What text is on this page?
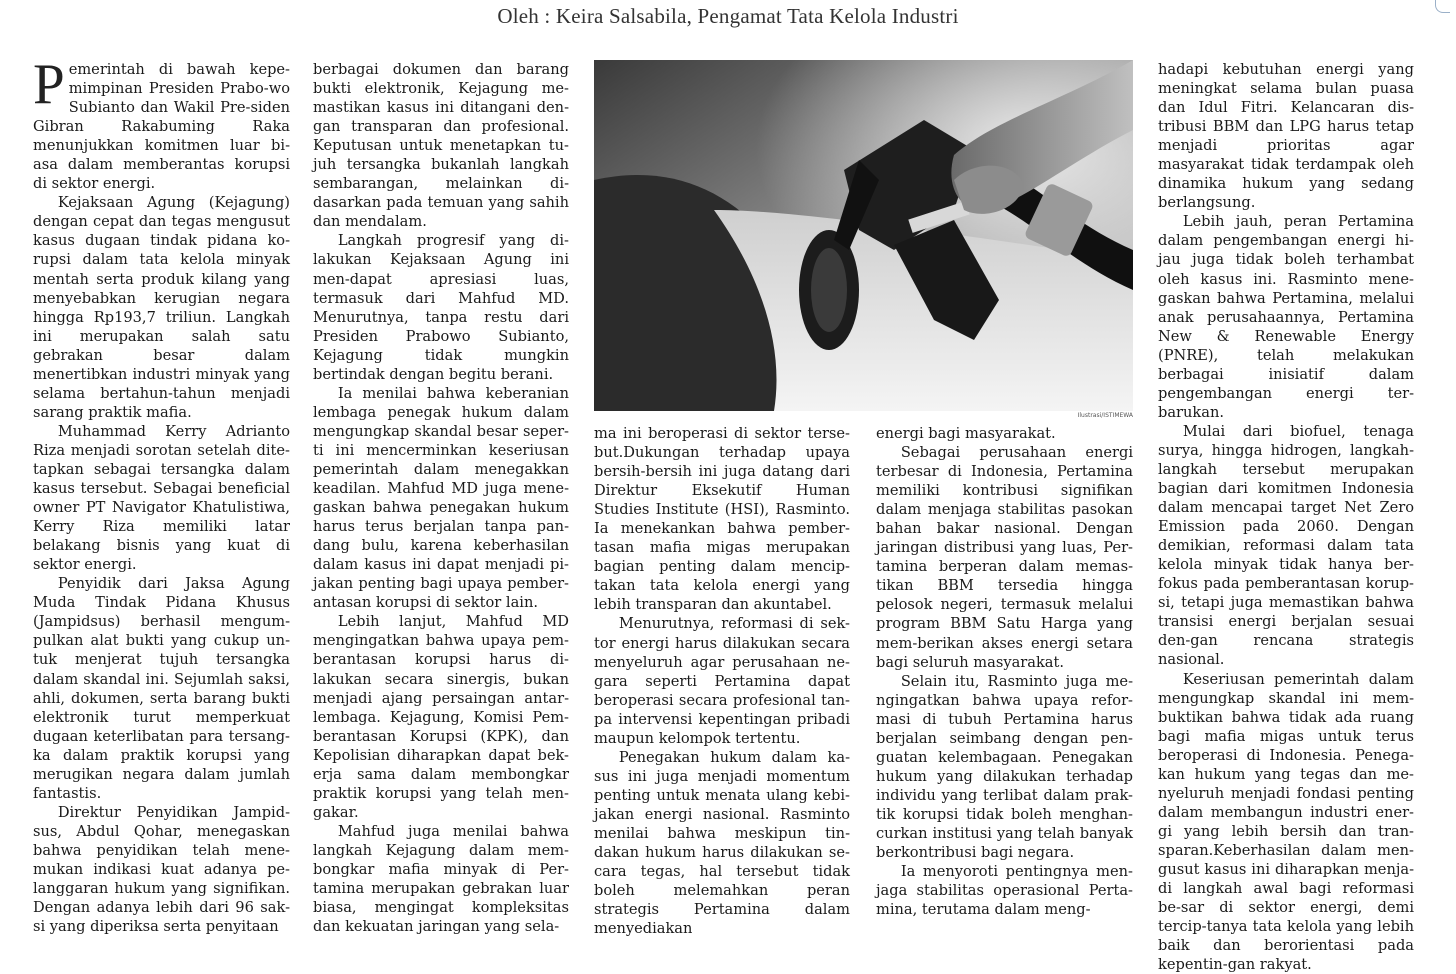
Oleh : Keira Salsabila, Pengamat Tata Kelola Industri

Pemerintah di bawah kepe-mimpinan Presiden Prabo-wo Subianto dan Wakil Pre-siden Gibran Rakabuming Raka menunjukkan komitmen luar bi-asa dalam memberantas korupsi di sektor energi.

Kejaksaan Agung (Kejagung) dengan cepat dan tegas mengusut kasus dugaan tindak pidana ko-rupsi dalam tata kelola minyak mentah serta produk kilang yang menyebabkan kerugian negara hingga Rp193,7 triliun. Langkah ini merupakan salah satu gebrakan besar dalam menertibkan industri minyak yang selama bertahun-tahun menjadi sarang praktik mafia.

Muhammad Kerry Adrianto Riza menjadi sorotan setelah dite-tapkan sebagai tersangka dalam kasus tersebut. Sebagai beneficial owner PT Navigator Khatulistiwa, Kerry Riza memiliki latar belakang bisnis yang kuat di sektor energi.

Penyidik dari Jaksa Agung Muda Tindak Pidana Khusus (Jampidsus) berhasil mengum-pulkan alat bukti yang cukup un-tuk menjerat tujuh tersangka dalam skandal ini. Sejumlah saksi, ahli, dokumen, serta barang bukti elektronik turut memperkuat dugaan keterlibatan para tersang-ka dalam praktik korupsi yang merugikan negara dalam jumlah fantastis.

Direktur Penyidikan Jampid-sus, Abdul Qohar, menegaskan bahwa penyidikan telah mene-mukan indikasi kuat adanya pe-langgaran hukum yang signifikan. Dengan adanya lebih dari 96 sak-si yang diperiksa serta penyitaan

berbagai dokumen dan barang bukti elektronik, Kejagung me-mastikan kasus ini ditangani den-gan transparan dan profesional. Keputusan untuk menetapkan tu-juh tersangka bukanlah langkah sembarangan, melainkan di-dasarkan pada temuan yang sahih dan mendalam.

Langkah progresif yang di-lakukan Kejaksaan Agung ini men-dapat apresiasi luas, termasuk dari Mahfud MD. Menurutnya, tanpa restu dari Presiden Prabowo Subianto, Kejagung tidak mungkin bertindak dengan begitu berani.

Ia menilai bahwa keberanian lembaga penegak hukum dalam mengungkap skandal besar seper-ti ini mencerminkan keseriusan pemerintah dalam menegakkan keadilan. Mahfud MD juga mene-gaskan bahwa penegakan hukum harus terus berjalan tanpa pan-dang bulu, karena keberhasilan dalam kasus ini dapat menjadi pi-jakan penting bagi upaya pember-antasan korupsi di sektor lain.

Lebih lanjut, Mahfud MD mengingatkan bahwa upaya pem-berantasan korupsi harus di-lakukan secara sinergis, bukan menjadi ajang persaingan antar-lembaga. Kejagung, Komisi Pem-berantasan Korupsi (KPK), dan Kepolisian diharapkan dapat bek-erja sama dalam membongkar praktik korupsi yang telah men-gakar.

Mahfud juga menilai bahwa langkah Kejagung dalam mem-bongkar mafia minyak di Per-tamina merupakan gebrakan luar biasa, mengingat kompleksitas dan kekuatan jaringan yang sela-

Ilustrasi/ISTIMEWA

ma ini beroperasi di sektor terse-but.Dukungan terhadap upaya bersih-bersih ini juga datang dari Direktur Eksekutif Human Studies Institute (HSI), Rasminto. Ia menekankan bahwa pember-tasan mafia migas merupakan bagian penting dalam mencip-takan tata kelola energi yang lebih transparan dan akuntabel.

Menurutnya, reformasi di sek-tor energi harus dilakukan secara menyeluruh agar perusahaan ne-gara seperti Pertamina dapat beroperasi secara profesional tan-pa intervensi kepentingan pribadi maupun kelompok tertentu.

Penegakan hukum dalam ka-sus ini juga menjadi momentum penting untuk menata ulang kebi-jakan energi nasional. Rasminto menilai bahwa meskipun tin-dakan hukum harus dilakukan se-cara tegas, hal tersebut tidak boleh melemahkan peran strategis Pertamina dalam menyediakan

energi bagi masyarakat.

Sebagai perusahaan energi terbesar di Indonesia, Pertamina memiliki kontribusi signifikan dalam menjaga stabilitas pasokan bahan bakar nasional. Dengan jaringan distribusi yang luas, Per-tamina berperan dalam memas-tikan BBM tersedia hingga pelosok negeri, termasuk melalui program BBM Satu Harga yang mem-berikan akses energi setara bagi seluruh masyarakat.

Selain itu, Rasminto juga me-ngingatkan bahwa upaya refor-masi di tubuh Pertamina harus berjalan seimbang dengan pen-guatan kelembagaan. Penegakan hukum yang dilakukan terhadap individu yang terlibat dalam prak-tik korupsi tidak boleh menghan-curkan institusi yang telah banyak berkontribusi bagi negara.

Ia menyoroti pentingnya men-jaga stabilitas operasional Perta-mina, terutama dalam meng-

hadapi kebutuhan energi yang meningkat selama bulan puasa dan Idul Fitri. Kelancaran dis-tribusi BBM dan LPG harus tetap menjadi prioritas agar masyarakat tidak terdampak oleh dinamika hukum yang sedang berlangsung.

Lebih jauh, peran Pertamina dalam pengembangan energi hi-jau juga tidak boleh terhambat oleh kasus ini. Rasminto mene-gaskan bahwa Pertamina, melalui anak perusahaannya, Pertamina New & Renewable Energy (PNRE), telah melakukan berbagai inisiatif dalam pengembangan energi ter-barukan.

Mulai dari biofuel, tenaga surya, hingga hidrogen, langkah-langkah tersebut merupakan bagian dari komitmen Indonesia dalam mencapai target Net Zero Emission pada 2060. Dengan demikian, reformasi dalam tata kelola minyak tidak hanya ber-fokus pada pemberantasan korup-si, tetapi juga memastikan bahwa transisi energi berjalan sesuai den-gan rencana strategis nasional.

Keseriusan pemerintah dalam mengungkap skandal ini mem-buktikan bahwa tidak ada ruang bagi mafia migas untuk terus beroperasi di Indonesia. Penega-kan hukum yang tegas dan me-nyeluruh menjadi fondasi penting dalam membangun industri ener-gi yang lebih bersih dan tran-sparan.Keberhasilan dalam men-gusut kasus ini diharapkan menja-di langkah awal bagi reformasi be-sar di sektor energi, demi tercip-tanya tata kelola yang lebih baik dan berorientasi pada kepentin-gan rakyat.
